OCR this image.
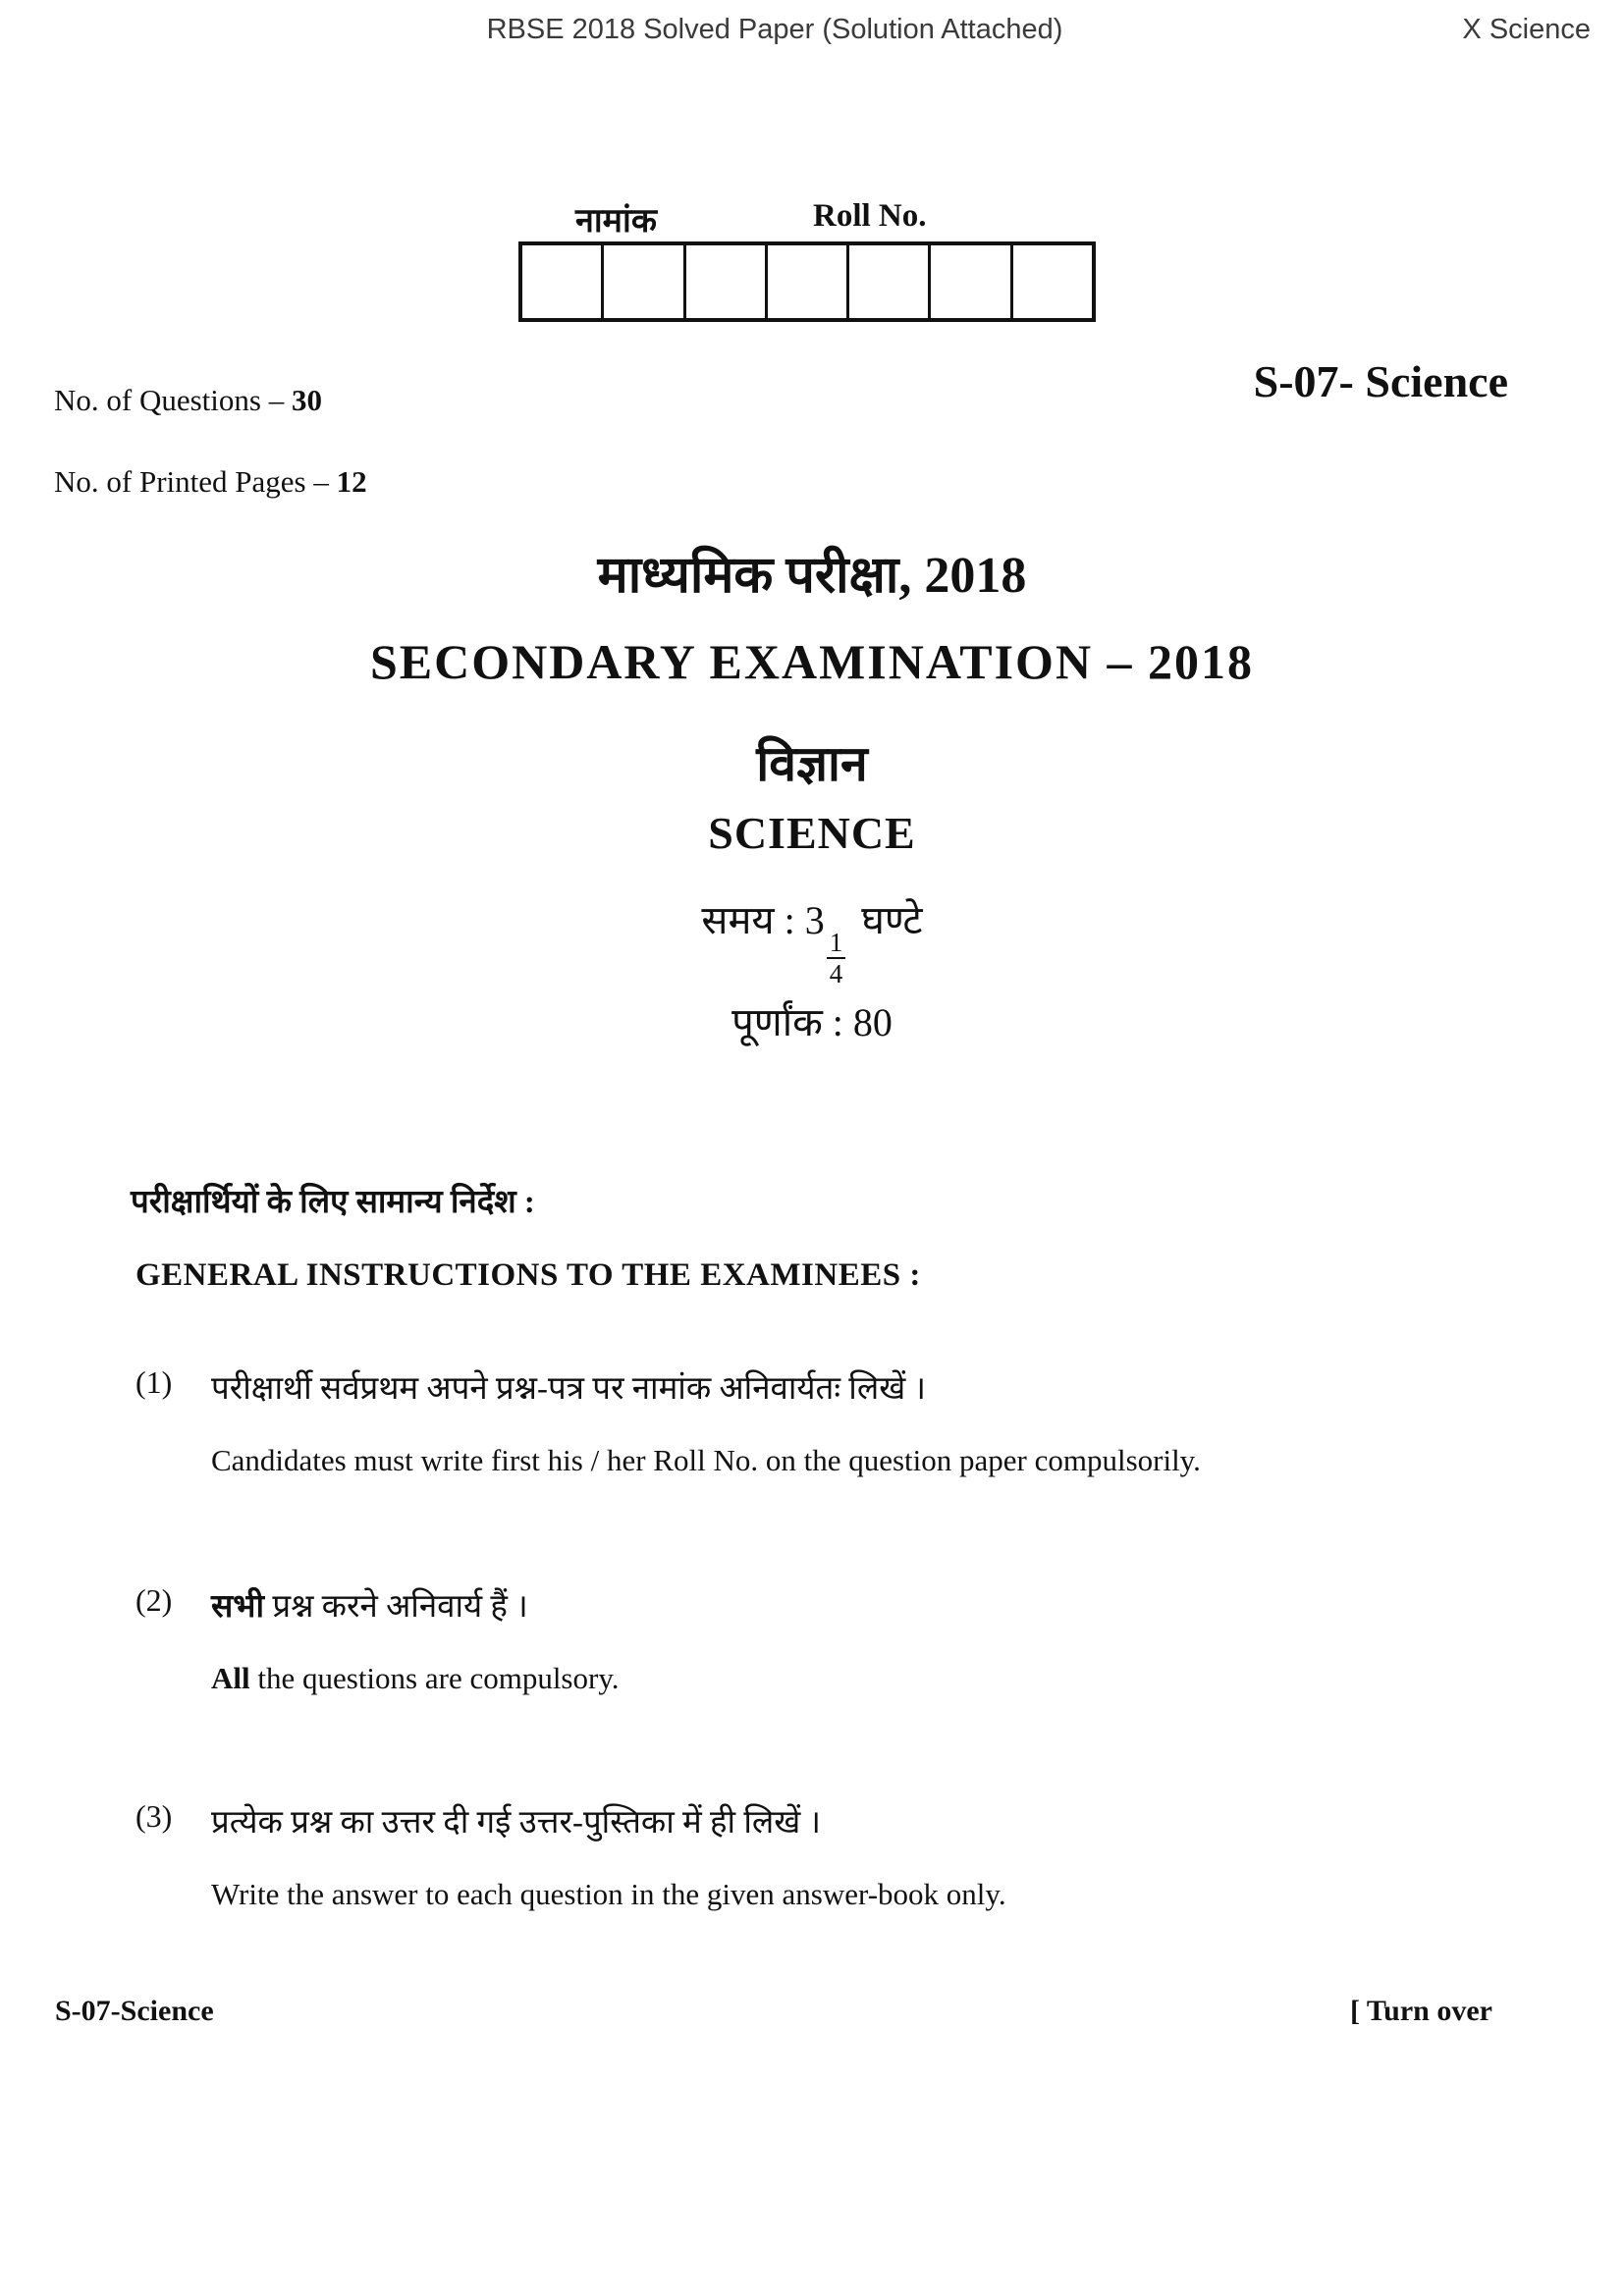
RBSE 2018 Solved Paper (Solution Attached)	X Science
नामांक	Roll No.
No. of Questions – 30	S-07- Science
No. of Printed Pages – 12
माध्यमिक परीक्षा, 2018
SECONDARY EXAMINATION – 2018
विज्ञान
SCIENCE
समय : 3
$\frac{1}{4}$
घण्टे
पूर्णांक : 80
परीक्षार्थियों के लिए सामान्य निर्देश :
GENERAL INSTRUCTIONS TO THE EXAMINEES :
(1) परीक्षार्थी सर्वप्रथम अपने प्रश्न-पत्र पर नामांक अनिवार्यतः लिखें ।
Candidates must write first his / her Roll No. on the question paper compulsorily.
(2) सभी प्रश्न करने अनिवार्य हैं ।
All the questions are compulsory.
(3) प्रत्येक प्रश्न का उत्तर दी गई उत्तर-पुस्तिका में ही लिखें ।
Write the answer to each question in the given answer-book only.
S-07-Science	[ Turn over
